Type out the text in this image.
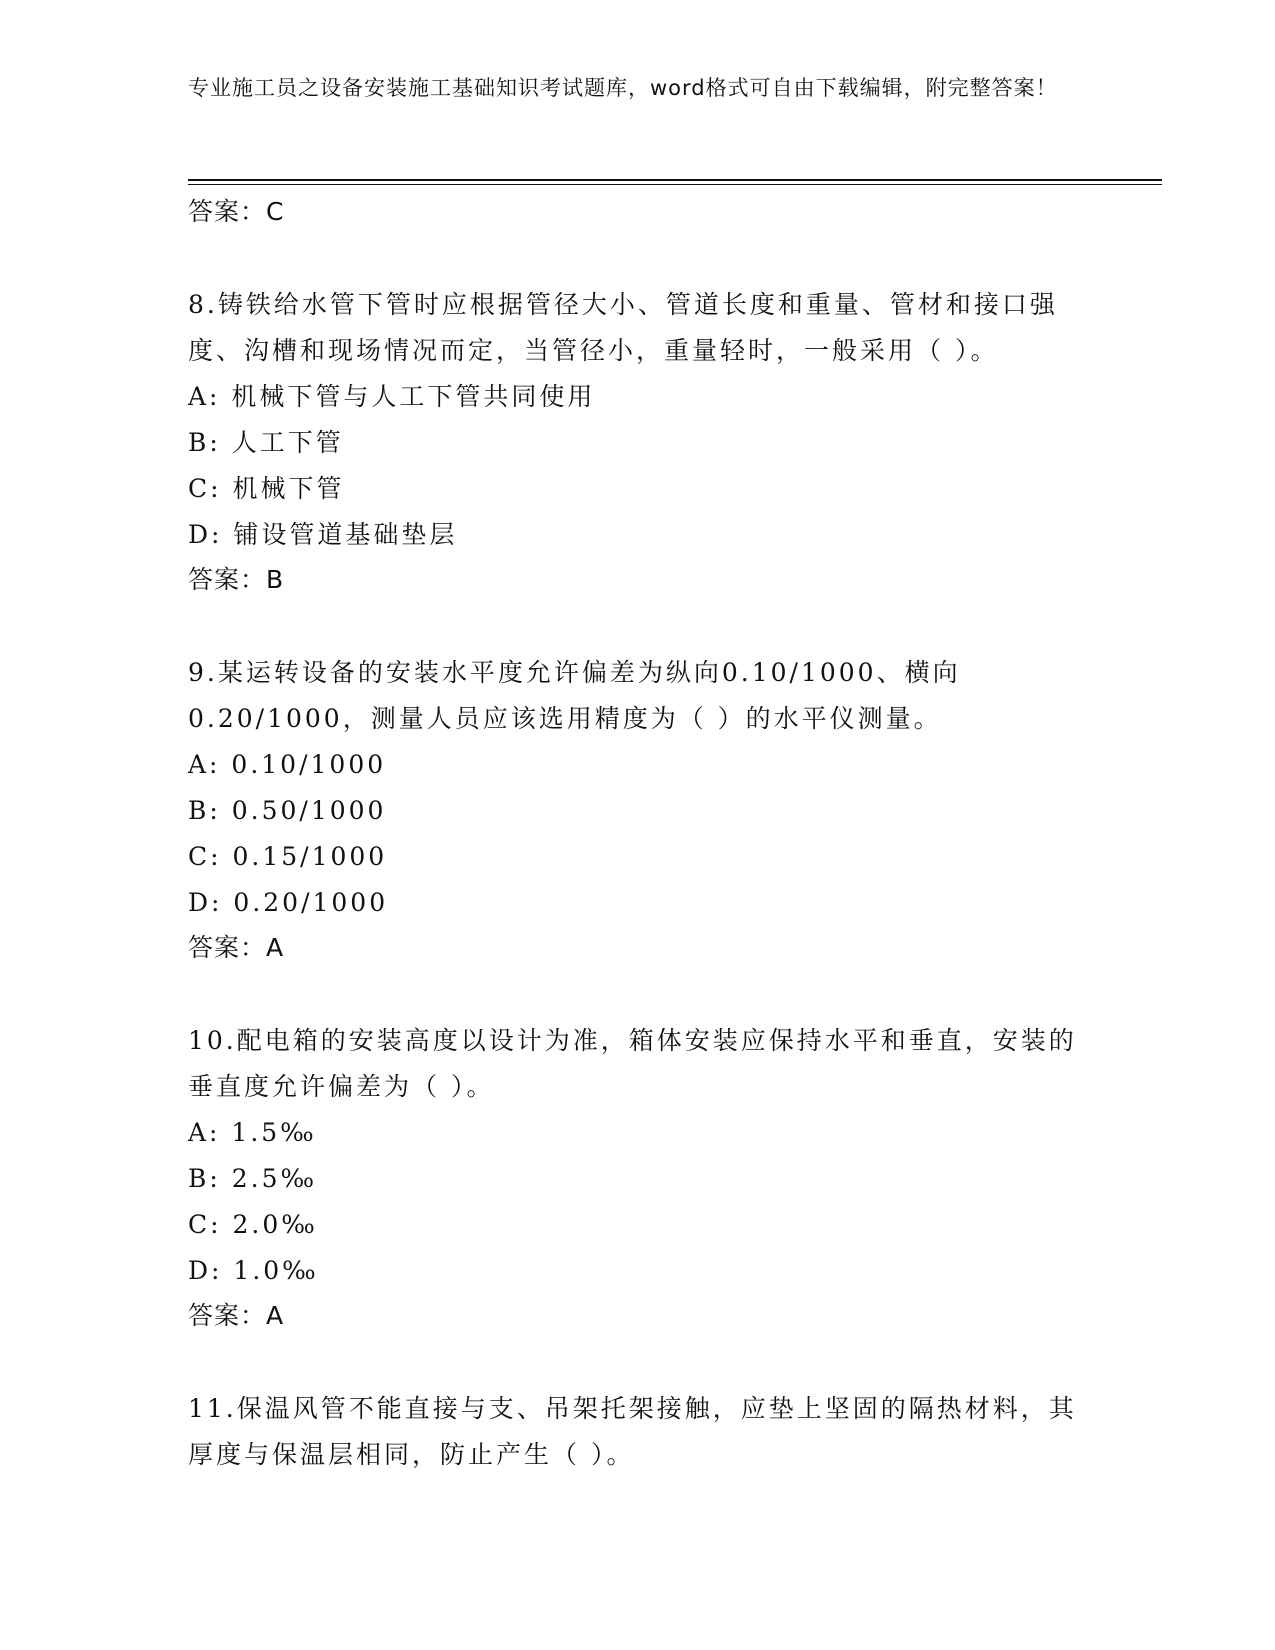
专业施工员之设备安装施工基础知识考试题库，word格式可自由下载编辑，附完整答案！
答案：C
8.铸铁给水管下管时应根据管径大小、管道长度和重量、管材和接口强度、沟槽和现场情况而定，当管径小，重量轻时，一般采用（ ）。
A: 机械下管与人工下管共同使用
B: 人工下管
C: 机械下管
D: 铺设管道基础垫层
答案：B
9.某运转设备的安装水平度允许偏差为纵向0.10/1000、横向0.20/1000，测量人员应该选用精度为（ ）的水平仪测量。
A: 0.10/1000
B: 0.50/1000
C: 0.15/1000
D: 0.20/1000
答案：A
10.配电箱的安装高度以设计为准，箱体安装应保持水平和垂直，安装的垂直度允许偏差为（ ）。
A: 1.5‰
B: 2.5‰
C: 2.0‰
D: 1.0‰
答案：A
11.保温风管不能直接与支、吊架托架接触，应垫上坚固的隔热材料，其厚度与保温层相同，防止产生（ ）。
